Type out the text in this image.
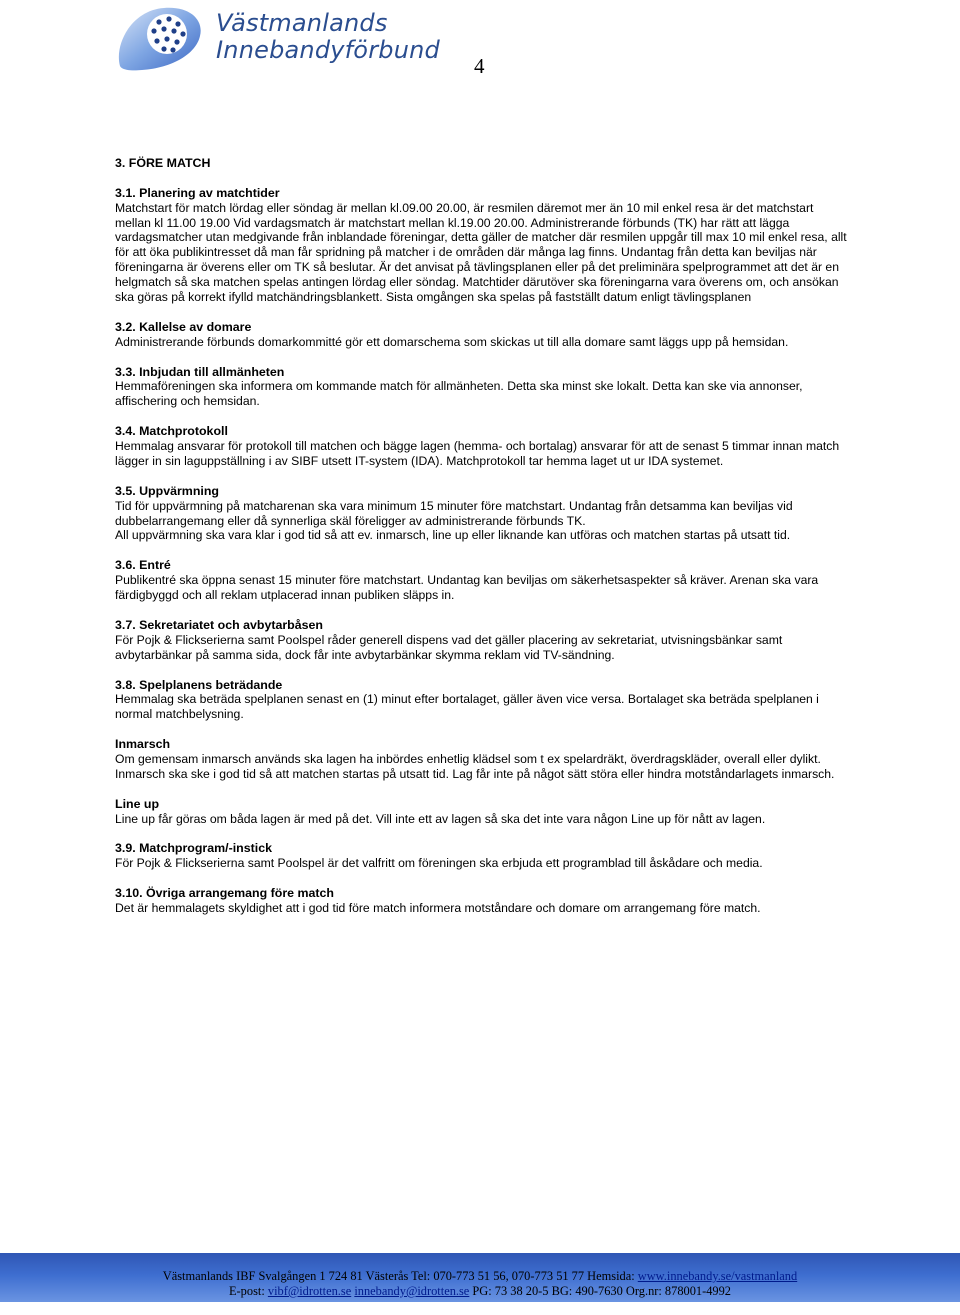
Västmanlands
Innebandyförbund
4
3. FÖRE MATCH
3.1. Planering av matchtider

Matchstart för match lördag eller söndag är mellan kl.09.00 20.00, är resmilen däremot mer än 10 mil enkel resa är det matchstart mellan kl 11.00 19.00 Vid vardagsmatch är matchstart mellan kl.19.00 20.00. Administrerande förbunds (TK) har rätt att lägga vardagsmatcher utan medgivande från inblandade föreningar, detta gäller de matcher där resmilen uppgår till max 10 mil enkel resa, allt för att öka publikintresset då man får spridning på matcher i de områden där många lag finns. Undantag från detta kan beviljas när föreningarna är överens eller om TK så beslutar. Är det anvisat på tävlingsplanen eller på det preliminära spelprogrammet att det är en helgmatch så ska matchen spelas antingen lördag eller söndag. Matchtider därutöver ska föreningarna vara överens om, och ansökan ska göras på korrekt ifylld matchändringsblankett. Sista omgången ska spelas på fastställt datum enligt tävlingsplanen

3.2. Kallelse av domare

Administrerande förbunds domarkommitté gör ett domarschema som skickas ut till alla domare samt läggs upp på hemsidan.

3.3. Inbjudan till allmänheten

Hemmaföreningen ska informera om kommande match för allmänheten. Detta ska minst ske lokalt. Detta kan ske via annonser, affischering och hemsidan.

3.4. Matchprotokoll

Hemmalag ansvarar för protokoll till matchen och bägge lagen (hemma- och bortalag) ansvarar för att de senast 5 timmar innan match lägger in sin laguppställning i av SIBF utsett IT-system (IDA). Matchprotokoll tar hemma laget ut ur IDA systemet.

3.5. Uppvärmning

Tid för uppvärmning på matcharenan ska vara minimum 15 minuter före matchstart. Undantag från detsamma kan beviljas vid dubbelarrangemang eller då synnerliga skäl föreligger av administrerande förbunds TK.

All uppvärmning ska vara klar i god tid så att ev. inmarsch, line up eller liknande kan utföras och matchen startas på utsatt tid.

3.6. Entré

Publikentré ska öppna senast 15 minuter före matchstart. Undantag kan beviljas om säkerhetsaspekter så kräver. Arenan ska vara färdigbyggd och all reklam utplacerad innan publiken släpps in.

3.7. Sekretariatet och avbytarbåsen

För Pojk & Flickserierna samt Poolspel råder generell dispens vad det gäller placering av sekretariat, utvisningsbänkar samt avbytarbänkar på samma sida, dock får inte avbytarbänkar skymma reklam vid TV-sändning.

3.8. Spelplanens beträdande

Hemmalag ska beträda spelplanen senast en (1) minut efter bortalaget, gäller även vice versa. Bortalaget ska beträda spelplanen i normal matchbelysning.

Inmarsch

Om gemensam inmarsch används ska lagen ha inbördes enhetlig klädsel som t ex spelardräkt, överdragskläder, overall eller dylikt. Inmarsch ska ske i god tid så att matchen startas på utsatt tid. Lag får inte på något sätt störa eller hindra motståndarlagets inmarsch.

Line up

Line up får göras om båda lagen är med på det. Vill inte ett av lagen så ska det inte vara någon Line up för nått av lagen.

3.9. Matchprogram/-instick

För Pojk & Flickserierna samt Poolspel är det valfritt om föreningen ska erbjuda ett programblad till åskådare och media.

3.10. Övriga arrangemang före match

Det är hemmalagets skyldighet att i god tid före match informera motståndare och domare om arrangemang före match.

Västmanlands IBF Svalgången 1 724 81 Västerås Tel: 070-773 51 56, 070-773 51 77 Hemsida: www.innebandy.se/vastmanland
E-post: vibf@idrotten.se innebandy@idrotten.se PG: 73 38 20-5 BG: 490-7630 Org.nr: 878001-4992
